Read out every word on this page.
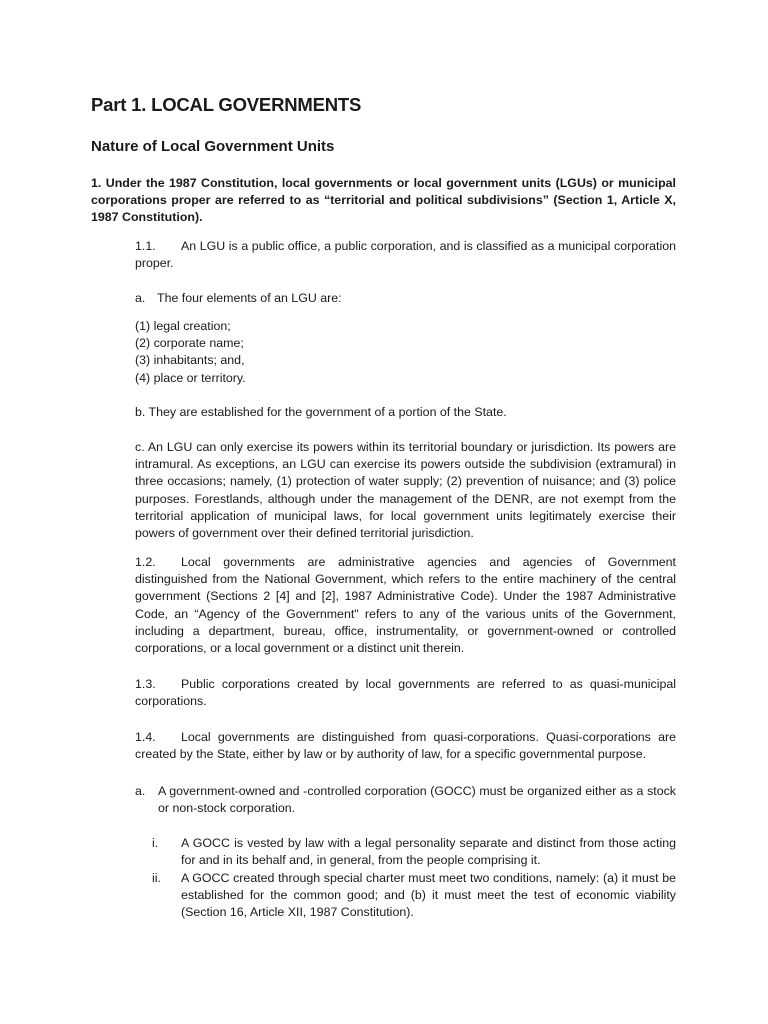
Part 1. LOCAL GOVERNMENTS
Nature of Local Government Units

1. Under the 1987 Constitution, local governments or local government units (LGUs) or municipal corporations proper are referred to as “territorial and political subdivisions” (Section 1, Article X, 1987 Constitution).

1.1. An LGU is a public office, a public corporation, and is classified as a municipal corporation proper.

a. The four elements of an LGU are:

(1) legal creation;
(2) corporate name;
(3) inhabitants; and,
(4) place or territory.

b. They are established for the government of a portion of the State.

c. An LGU can only exercise its powers within its territorial boundary or jurisdiction. Its powers are intramural. As exceptions, an LGU can exercise its powers outside the subdivision (extramural) in three occasions; namely, (1) protection of water supply; (2) prevention of nuisance; and (3) police purposes. Forestlands, although under the management of the DENR, are not exempt from the territorial application of municipal laws, for local government units legitimately exercise their powers of government over their defined territorial jurisdiction.

1.2. Local governments are administrative agencies and agencies of Government distinguished from the National Government, which refers to the entire machinery of the central government (Sections 2 [4] and [2], 1987 Administrative Code). Under the 1987 Administrative Code, an “Agency of the Government" refers to any of the various units of the Government, including a department, bureau, office, instrumentality, or government-owned or controlled corporations, or a local government or a distinct unit therein.

1.3. Public corporations created by local governments are referred to as quasi-municipal corporations.

1.4. Local governments are distinguished from quasi-corporations. Quasi-corporations are created by the State, either by law or by authority of law, for a specific governmental purpose.

a.	A government-owned and -controlled corporation (GOCC) must be organized either as a stock or non-stock corporation.
i.	A GOCC is vested by law with a legal personality separate and distinct from those acting for and in its behalf and, in general, from the people comprising it.
ii.	A GOCC created through special charter must meet two conditions, namely: (a) it must be established for the common good; and (b) it must meet the test of economic viability (Section 16, Article XII, 1987 Constitution).
